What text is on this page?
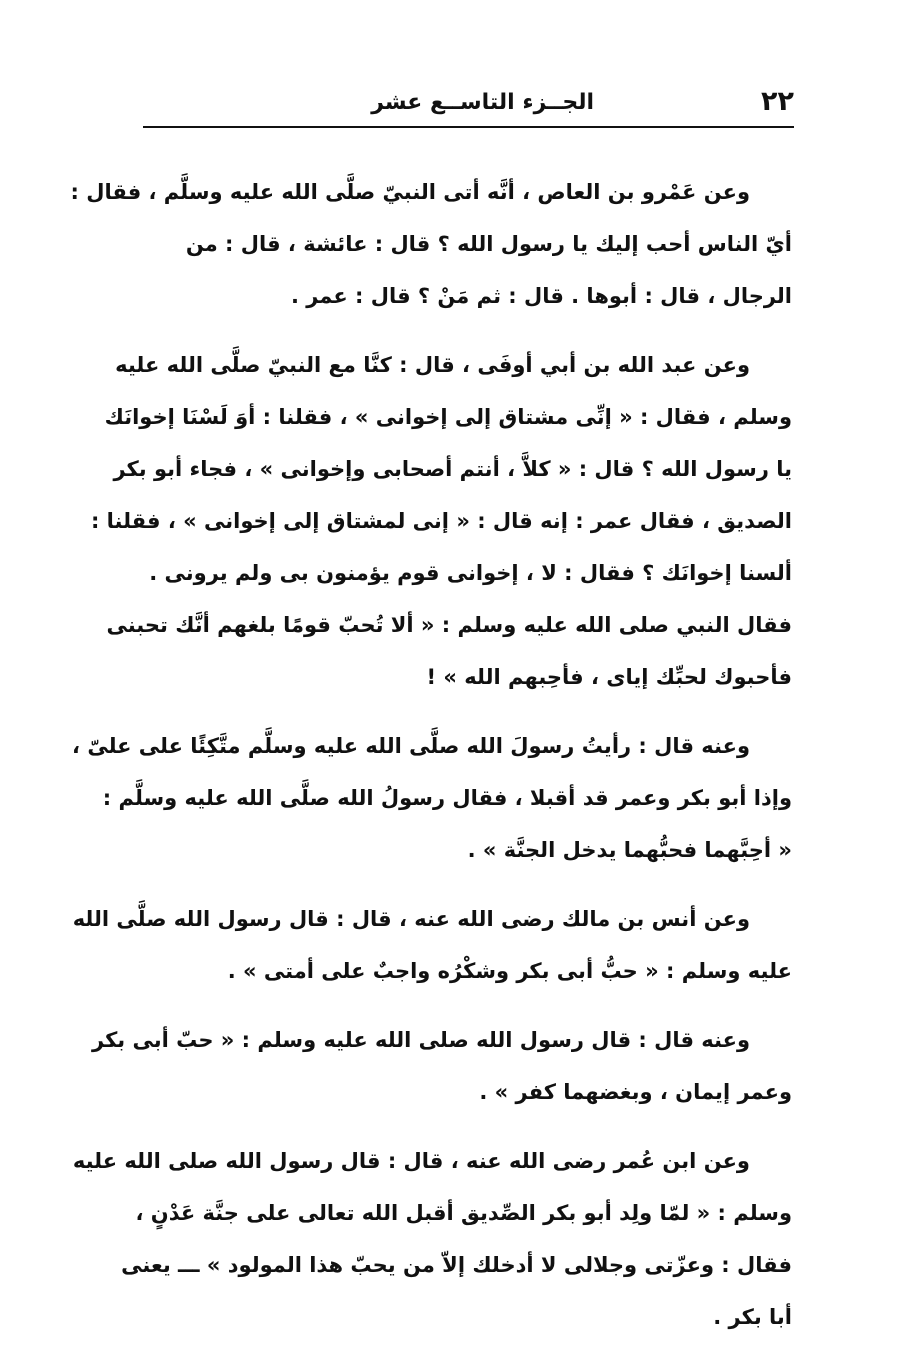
٢٢
الجــزء التاســع عشر
وعن عَمْرو بن العاص ، أنَّه أتى النبيّ صلَّى الله عليه وسلَّم ، فقال :
أيّ الناس أحب إليك يا رسول الله ؟ قال : عائشة ، قال : من
الرجال ، قال : أبوها . قال : ثم مَنْ ؟ قال : عمر .
وعن عبد الله بن أبي أوفَى ، قال : كنَّا مع النبيّ صلَّى الله عليه
وسلم ، فقال : « إنِّى مشتاق إلى إخوانى » ، فقلنا : أوَ لَسْنَا إخوانَك
يا رسول الله ؟ قال : « كلاَّ ، أنتم أصحابى وإخوانى » ، فجاء أبو بكر
الصديق ، فقال عمر : إنه قال : « إنى لمشتاق إلى إخوانى » ، فقلنا :
ألسنا إخوانَك ؟ فقال : لا ، إخوانى قوم يؤمنون بى ولم يرونى .
فقال النبي صلى الله عليه وسلم : « ألا تُحبّ قومًا بلغهم أنَّك تحبنى
فأحبوك لحبِّك إياى ، فأحِبهم الله » !
وعنه قال : رأيتُ رسولَ الله صلَّى الله عليه وسلَّم متَّكِئًا على علىّ ،
وإذا أبو بكر وعمر قد أقبلا ، فقال رسولُ الله صلَّى الله عليه وسلَّم :
« أحِبَّهما فحبُّهما يدخل الجنَّة » .
وعن أنس بن مالك رضى الله عنه ، قال : قال رسول الله صلَّى الله
عليه وسلم : « حبُّ أبى بكر وشكْرُه واجبٌ على أمتى » .
وعنه قال : قال رسول الله صلى الله عليه وسلم : « حبّ أبى بكر
وعمر إيمان ، وبغضهما كفر » .
وعن ابن عُمر رضى الله عنه ، قال : قال رسول الله صلى الله عليه
وسلم : « لمّا ولِد أبو بكر الصِّديق أقبل الله تعالى على جنَّة عَدْنٍ ،
فقال : وعزّتى وجلالى لا أدخلك إلاّ من يحبّ هذا المولود » ـــ يعنى
أبا بكر .
